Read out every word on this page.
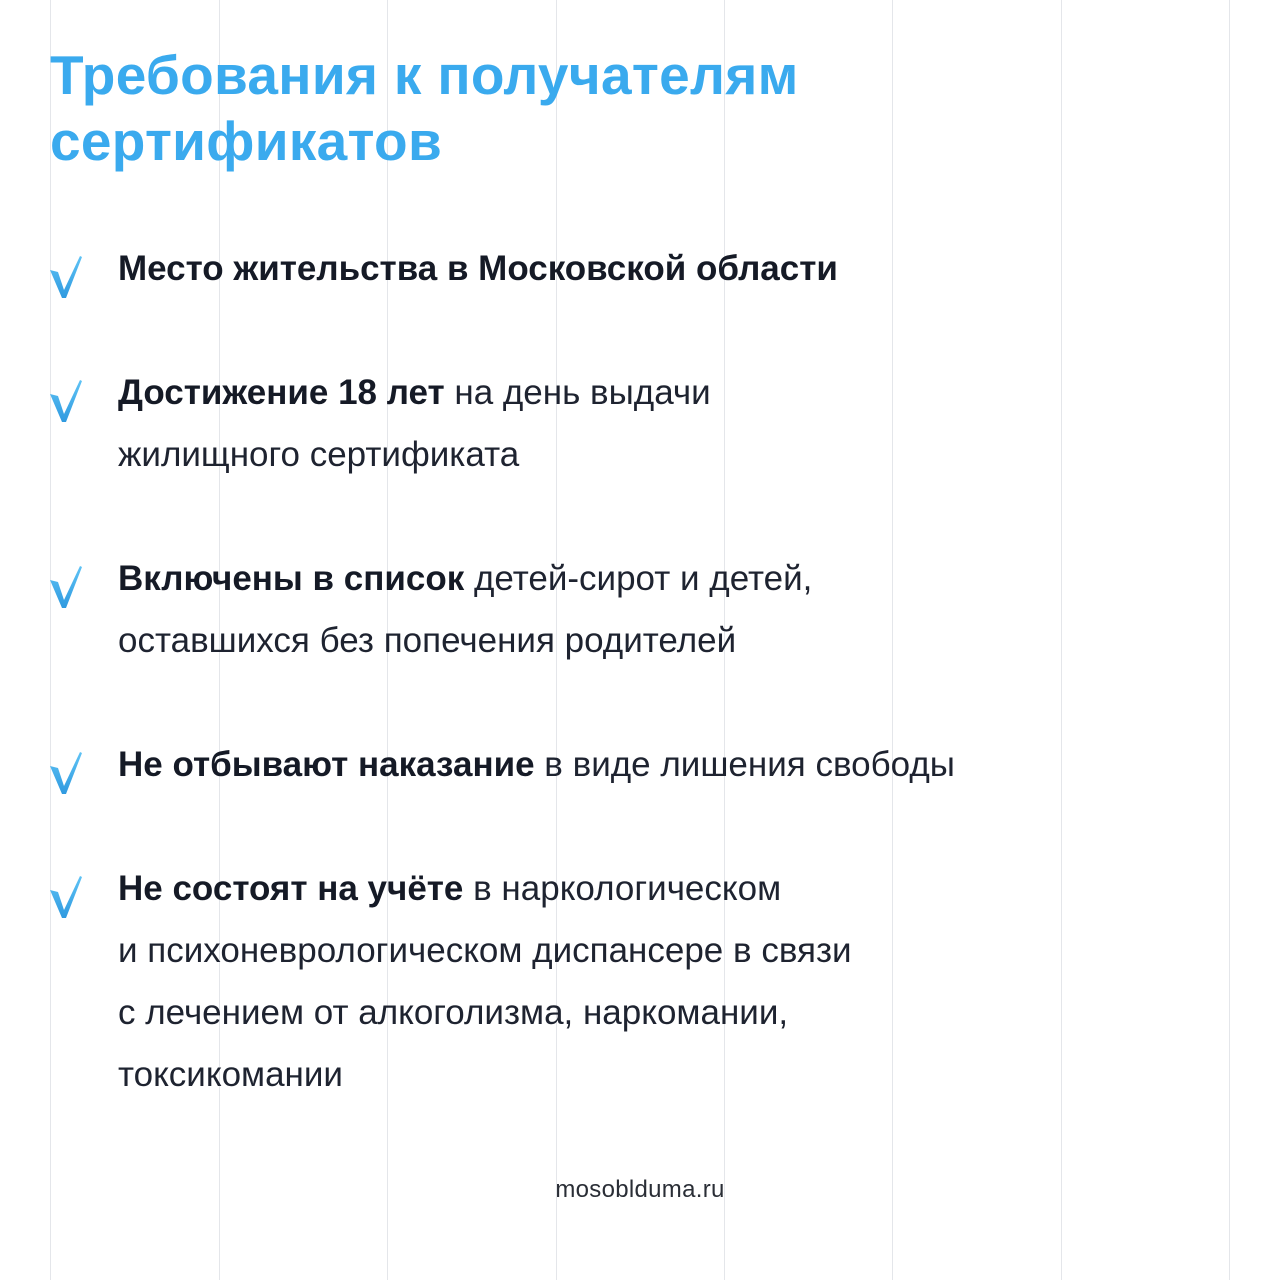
Требования к получателям
сертификатов
Место жительства в Московской области
Достижение 18 лет на день выдачи
жилищного сертификата
Включены в список детей-сирот и детей,
оставшихся без попечения родителей
Не отбывают наказание в виде лишения свободы
Не состоят на учёте в наркологическом
и психоневрологическом диспансере в связи
с лечением от алкоголизма, наркомании,
токсикомании
mosobldumа.ru
